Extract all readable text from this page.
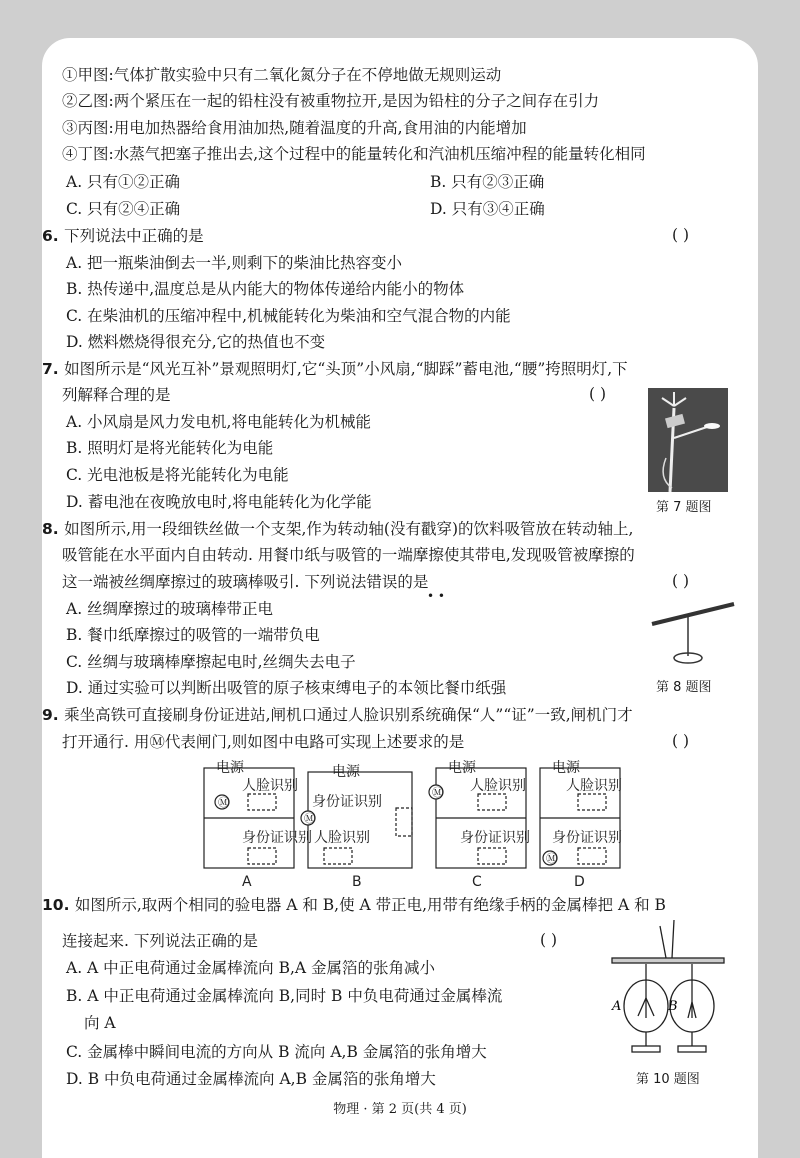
①甲图:气体扩散实验中只有二氧化氮分子在不停地做无规则运动
②乙图:两个紧压在一起的铅柱没有被重物拉开,是因为铅柱的分子之间存在引力
③丙图:用电加热器给食用油加热,随着温度的升高,食用油的内能增加
④丁图:水蒸气把塞子推出去,这个过程中的能量转化和汽油机压缩冲程的能量转化相同
A. 只有①②正确	B. 只有②③正确
C. 只有②④正确	D. 只有③④正确
6. 下列说法中正确的是	( )
A. 把一瓶柴油倒去一半,则剩下的柴油比热容变小
B. 热传递中,温度总是从内能大的物体传递给内能小的物体
C. 在柴油机的压缩冲程中,机械能转化为柴油和空气混合物的内能
D. 燃料燃烧得很充分,它的热值也不变
7. 如图所示是“风光互补”景观照明灯,它“头顶”小风扇,“脚踩”蓄电池,“腰”挎照明灯,下
列解释合理的是	( )
A. 小风扇是风力发电机,将电能转化为机械能
B. 照明灯是将光能转化为电能
C. 光电池板是将光能转化为电能
D. 蓄电池在夜晚放电时,将电能转化为化学能	第 7 题图
8. 如图所示,用一段细铁丝做一个支架,作为转动轴(没有戳穿)的饮料吸管放在转动轴上,
吸管能在水平面内自由转动. 用餐巾纸与吸管的一端摩擦使其带电,发现吸管被摩擦的
这一端被丝绸摩擦过的玻璃棒吸引. 下列说法错误的是	( )
• •
A. 丝绸摩擦过的玻璃棒带正电
B. 餐巾纸摩擦过的吸管的一端带负电
C. 丝绸与玻璃棒摩擦起电时,丝绸失去电子
D. 通过实验可以判断出吸管的原子核束缚电子的本领比餐巾纸强	第 8 题图
9. 乘坐高铁可直接刷身份证进站,闸机口通过人脸识别系统确保“人”“证”一致,闸机门才
打开通行. 用Ⓜ代表闸门,则如图中电路可实现上述要求的是	( )
Ⓜ
Ⓜ
Ⓜ
Ⓜ
电源	电源	电源	电源
人脸识别
身份证识别
身份证识别
人脸识别
人脸识别
身份证识别
人脸识别
身份证识别
A	B	C	D
10. 如图所示,取两个相同的验电器 A 和 B,使 A 带正电,用带有绝缘手柄的金属棒把 A 和 B
连接起来. 下列说法正确的是	( )
A. A 中正电荷通过金属棒流向 B,A 金属箔的张角减小
B. A 中正电荷通过金属棒流向 B,同时 B 中负电荷通过金属棒流
向 A
C. 金属棒中瞬间电流的方向从 B 流向 A,B 金属箔的张角增大
D. B 中负电荷通过金属棒流向 A,B 金属箔的张角增大
A	B
第 10 题图
物理 · 第 2 页(共 4 页)
